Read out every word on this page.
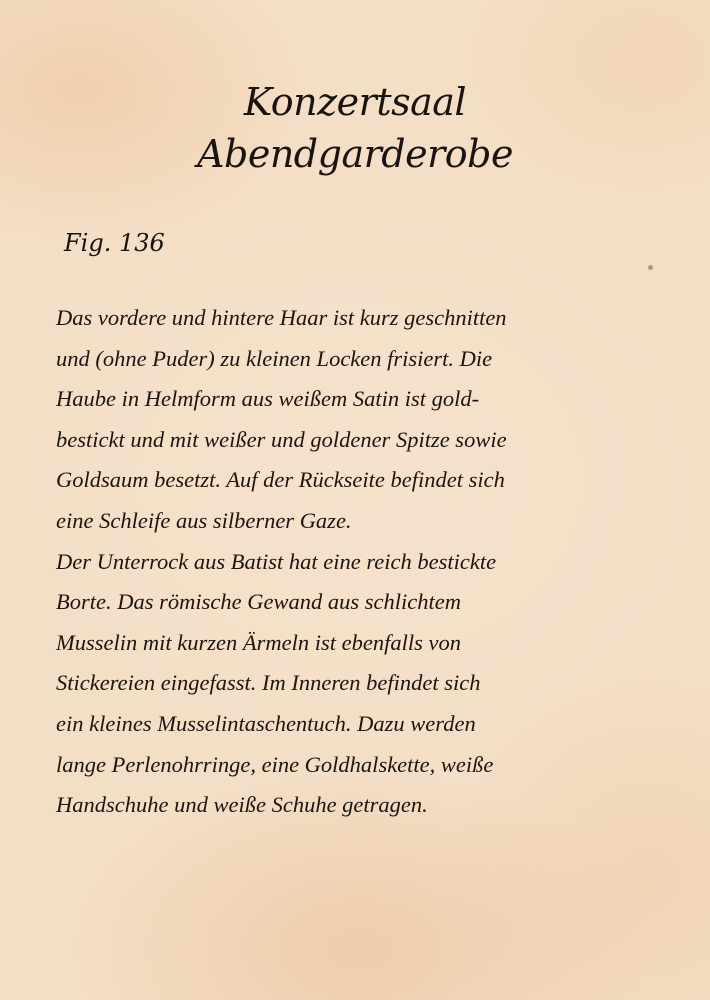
Konzertsaal
Abendgarderobe
Fig. 136
Das vordere und hintere Haar ist kurz geschnitten
und (ohne Puder) zu kleinen Locken frisiert. Die
Haube in Helmform aus weißem Satin ist gold-
bestickt und mit weißer und goldener Spitze sowie
Goldsaum besetzt. Auf der Rückseite befindet sich
eine Schleife aus silberner Gaze.
Der Unterrock aus Batist hat eine reich bestickte
Borte. Das römische Gewand aus schlichtem
Musselin mit kurzen Ärmeln ist ebenfalls von
Stickereien eingefasst. Im Inneren befindet sich
ein kleines Musselintaschentuch. Dazu werden
lange Perlenohrringe, eine Goldhalskette, weiße
Handschuhe und weiße Schuhe getragen.
